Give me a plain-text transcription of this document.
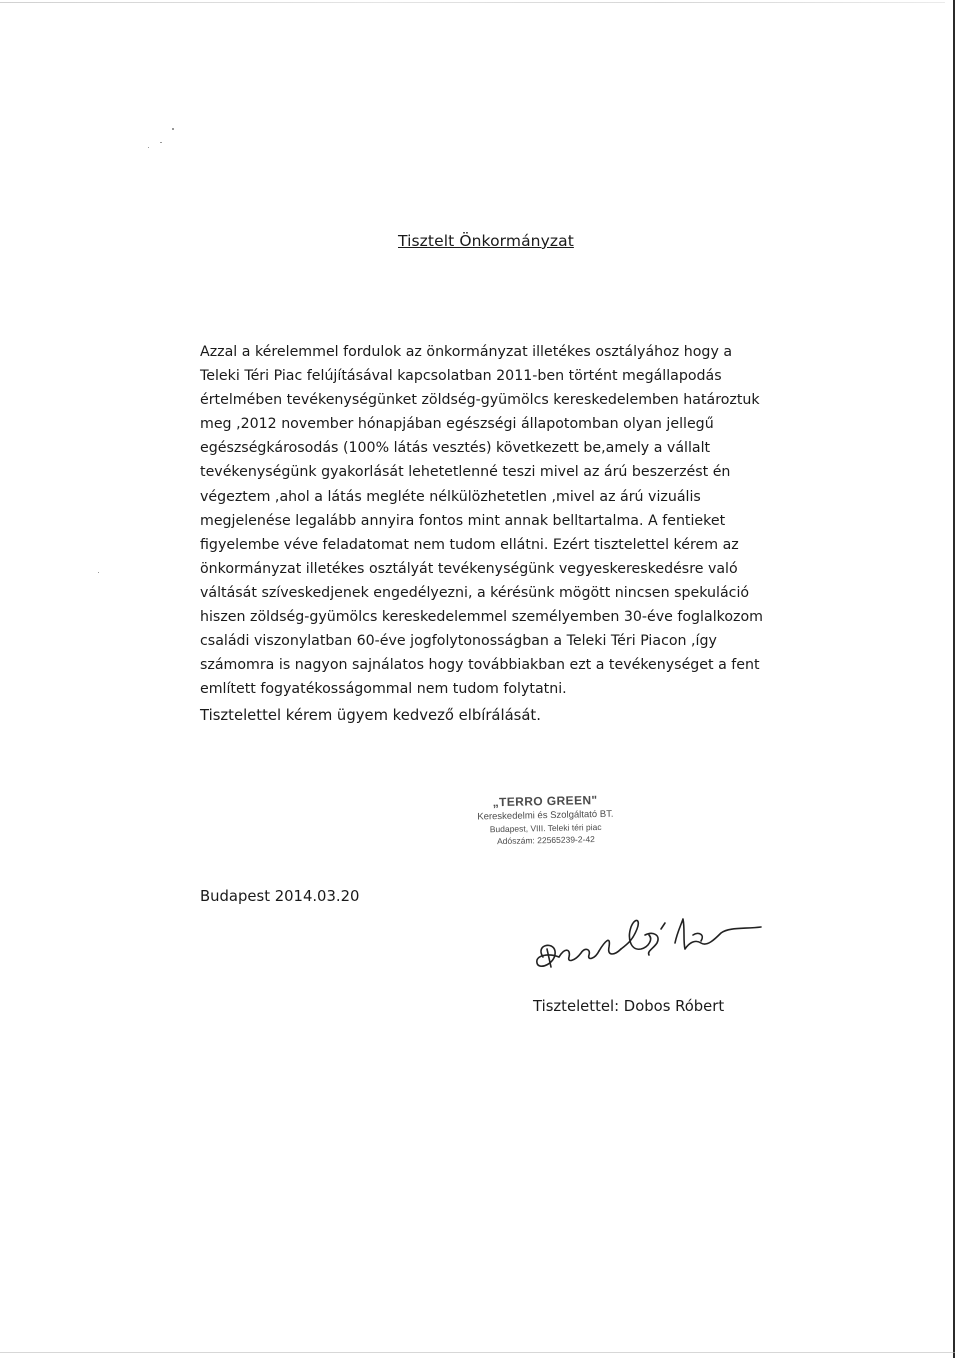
Tisztelt Önkormányzat
Azzal a kérelemmel fordulok az önkormányzat illetékes osztályához hogy a
Teleki Téri Piac felújításával kapcsolatban 2011-ben történt megállapodás
értelmében tevékenységünket zöldség-gyümölcs kereskedelemben határoztuk
meg ,2012 november hónapjában egészségi állapotomban olyan jellegű
egészségkárosodás (100% látás vesztés) következett be,amely a vállalt
tevékenységünk gyakorlását lehetetlenné teszi mivel az árú beszerzést én
végeztem ,ahol a látás megléte nélkülözhetetlen ,mivel az árú vizuális
megjelenése legalább annyira fontos mint annak belltartalma. A fentieket
figyelembe véve feladatomat nem tudom ellátni. Ezért tisztelettel kérem az
önkormányzat illetékes osztályát tevékenységünk vegyeskereskedésre való
váltását szíveskedjenek engedélyezni, a kérésünk mögött nincsen spekuláció
hiszen zöldség-gyümölcs kereskedelemmel személyemben 30-éve foglalkozom
családi viszonylatban 60-éve jogfolytonosságban a Teleki Téri Piacon ,így
számomra is nagyon sajnálatos hogy továbbiakban ezt a tevékenységet a fent
említett fogyatékosságommal nem tudom folytatni.
Tisztelettel kérem ügyem kedvező elbírálását.
„TERRO GREEN"
Kereskedelmi és Szolgáltató BT.
Budapest, VIII. Teleki téri piac
Adószám: 22565239-2-42
Budapest 2014.03.20
Tisztelettel: Dobos Róbert
